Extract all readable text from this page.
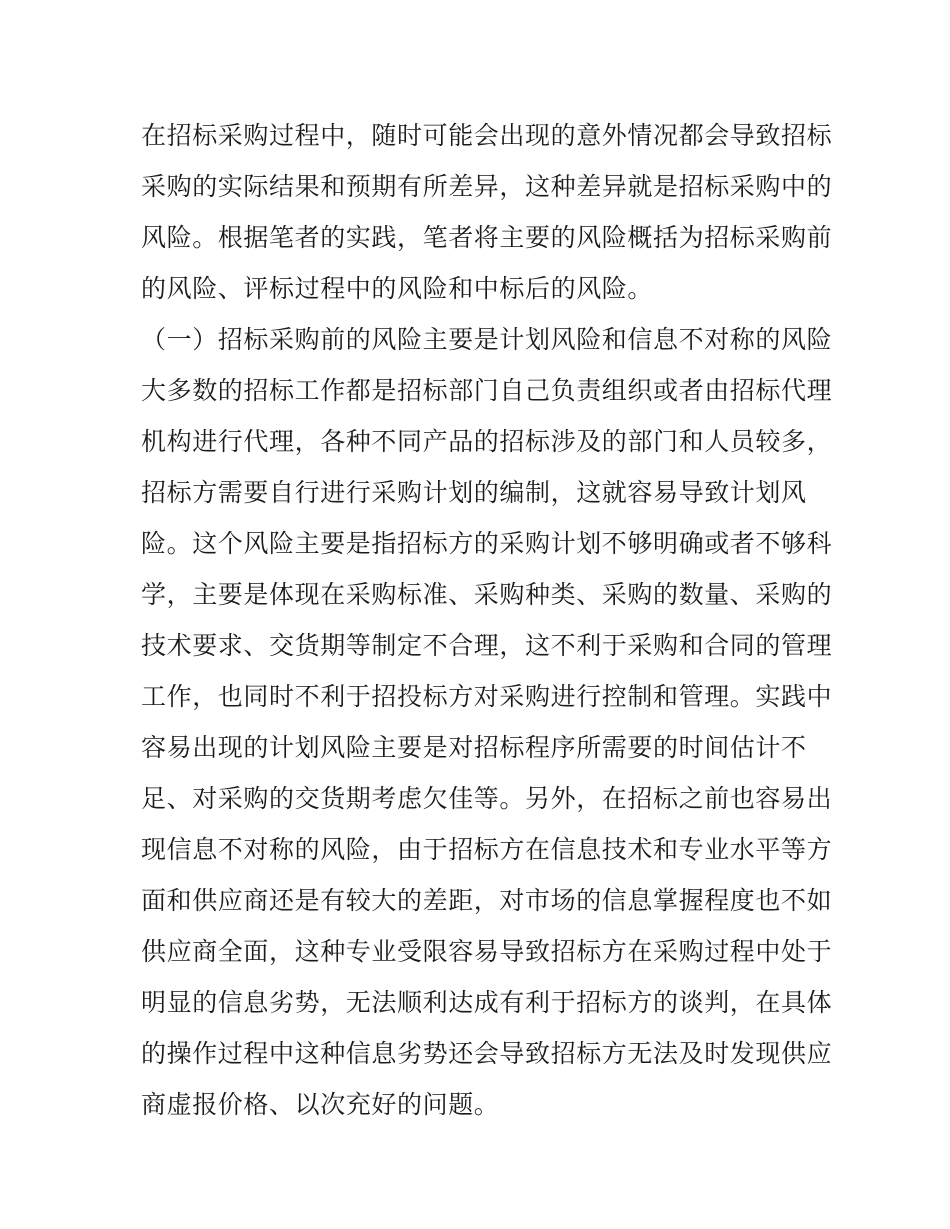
在招标采购过程中，随时可能会出现的意外情况都会导致招标
采购的实际结果和预期有所差异，这种差异就是招标采购中的
风险。根据笔者的实践，笔者将主要的风险概括为招标采购前
的风险、评标过程中的风险和中标后的风险。
（一）招标采购前的风险主要是计划风险和信息不对称的风险
大多数的招标工作都是招标部门自己负责组织或者由招标代理
机构进行代理，各种不同产品的招标涉及的部门和人员较多，
招标方需要自行进行采购计划的编制，这就容易导致计划风
险。这个风险主要是指招标方的采购计划不够明确或者不够科
学，主要是体现在采购标准、采购种类、采购的数量、采购的
技术要求、交货期等制定不合理，这不利于采购和合同的管理
工作，也同时不利于招投标方对采购进行控制和管理。实践中
容易出现的计划风险主要是对招标程序所需要的时间估计不
足、对采购的交货期考虑欠佳等。另外，在招标之前也容易出
现信息不对称的风险，由于招标方在信息技术和专业水平等方
面和供应商还是有较大的差距，对市场的信息掌握程度也不如
供应商全面，这种专业受限容易导致招标方在采购过程中处于
明显的信息劣势，无法顺利达成有利于招标方的谈判，在具体
的操作过程中这种信息劣势还会导致招标方无法及时发现供应
商虚报价格、以次充好的问题。
